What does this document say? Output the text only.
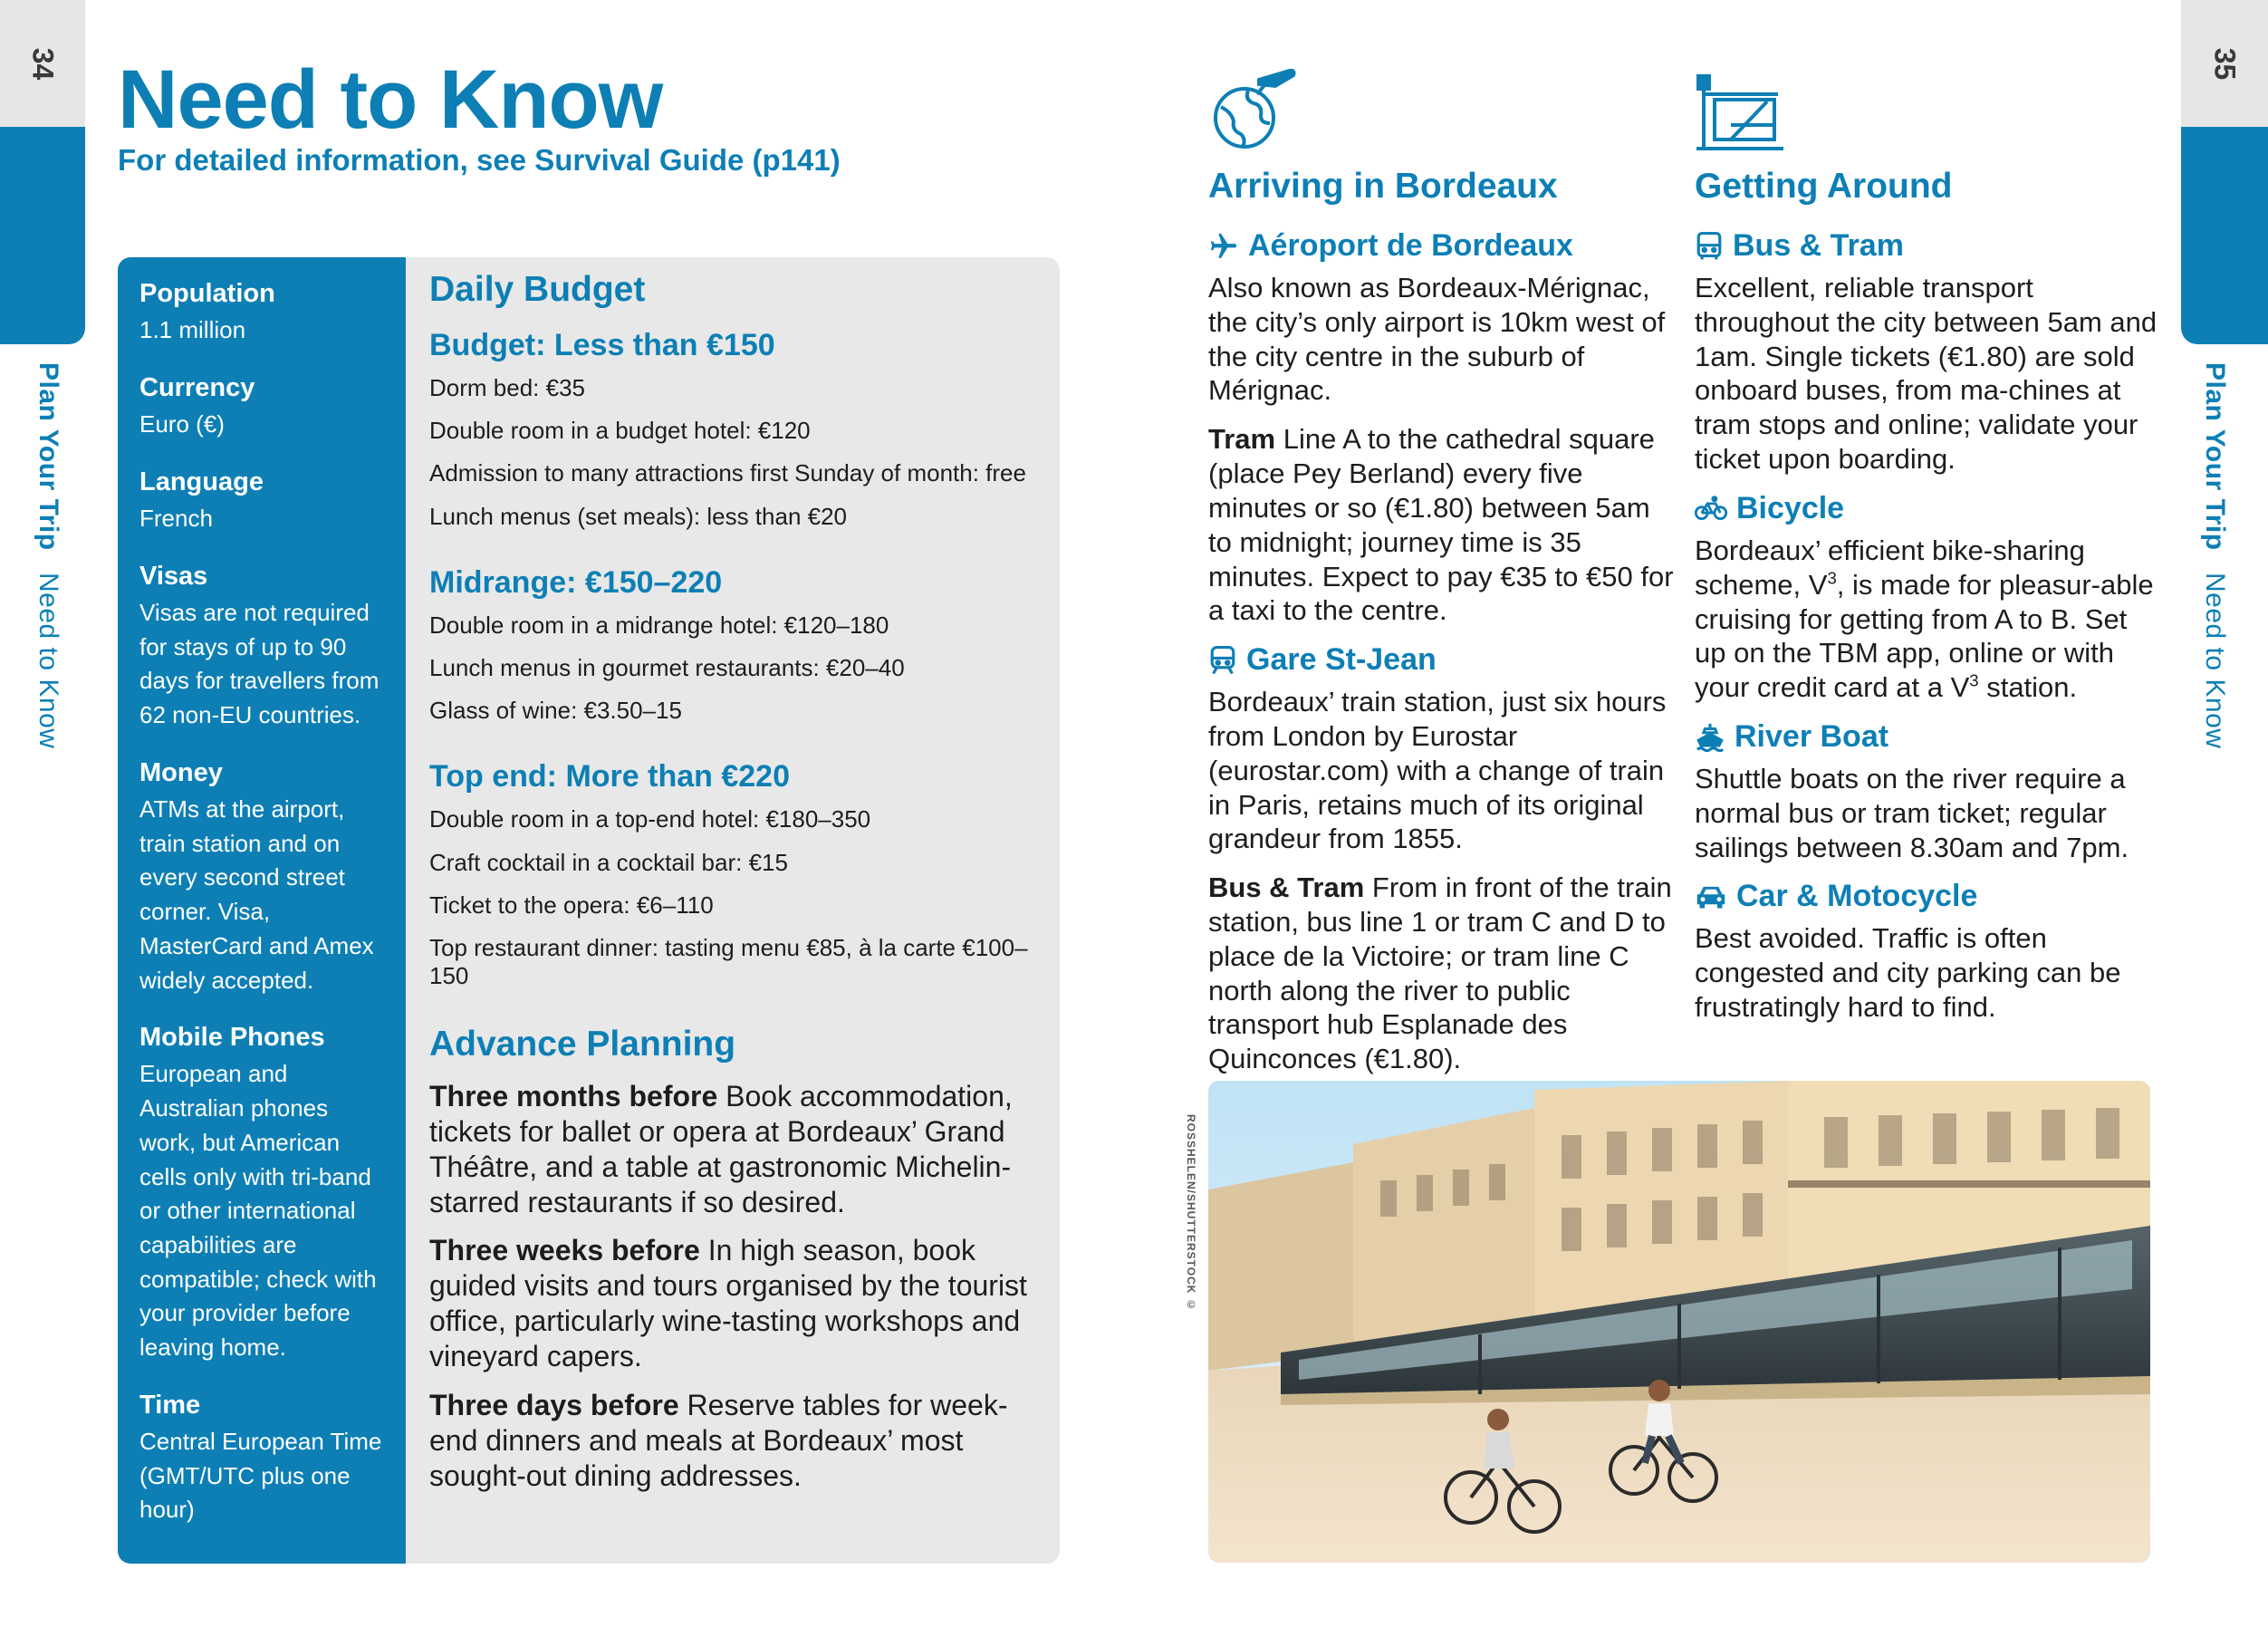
34
Plan Your Trip Need to Know
35
Plan Your Trip Need to Know
Need to Know
For detailed information, see Survival Guide (p141)
Population
1.1 million
Currency
Euro (€)
Language
French
Visas
Visas are not required for stays of up to 90 days for travellers from 62 non-EU countries.
Money
ATMs at the airport, train station and on every second street corner. Visa, MasterCard and Amex widely accepted.
Mobile Phones
European and Australian phones work, but American cells only with tri-band or other international capabilities are compatible; check with your provider before leaving home.
Time
Central European Time (GMT/UTC plus one hour)
Daily Budget
Budget: Less than €150
Dorm bed: €35
Double room in a budget hotel: €120
Admission to many attractions first Sunday of month: free
Lunch menus (set meals): less than €20
Midrange: €150–220
Double room in a midrange hotel: €120–180
Lunch menus in gourmet restaurants: €20–40
Glass of wine: €3.50–15
Top end: More than €220
Double room in a top-end hotel: €180–350
Craft cocktail in a cocktail bar: €15
Ticket to the opera: €6–110
Top restaurant dinner: tasting menu €85, à la carte €100–150
Advance Planning

Three months before Book accommodation, tickets for ballet or opera at Bordeaux’ Grand Théâtre, and a table at gastronomic Michelin-starred restaurants if so desired.

Three weeks before In high season, book guided visits and tours organised by the tourist office, particularly wine-tasting workshops and vineyard capers.

Three days before Reserve tables for week-end dinners and meals at Bordeaux’ most sought-out dining addresses.

Arriving in Bordeaux
Aéroport de Bordeaux

Also known as Bordeaux-Mérignac, the city’s only airport is 10km west of the city centre in the suburb of Mérignac.

Tram Line A to the cathedral square (place Pey Berland) every five minutes or so (€1.80) between 5am to midnight; journey time is 35 minutes. Expect to pay €35 to €50 for a taxi to the centre.

Gare St-Jean

Bordeaux’ train station, just six hours from London by Eurostar (eurostar.com) with a change of train in Paris, retains much of its original grandeur from 1855.

Bus & Tram From in front of the train station, bus line 1 or tram C and D to place de la Victoire; or tram line C north along the river to public transport hub Esplanade des Quinconces (€1.80).

Getting Around
Bus & Tram

Excellent, reliable transport throughout the city between 5am and 1am. Single tickets (€1.80) are sold onboard buses, from ma-chines at tram stops and online; validate your ticket upon boarding.

Bicycle

Bordeaux’ efficient bike-sharing scheme, $V^3$, is made for pleasur-able cruising for getting from A to B. Set up on the TBM app, online or with your credit card at a $V^3$ station.

River Boat

Shuttle boats on the river require a normal bus or tram ticket; regular sailings between 8.30am and 7pm.

Car & Motocycle

Best avoided. Traffic is often congested and city parking can be frustratingly hard to find.

ROSSHELEN/SHUTTERSTOCK ©
